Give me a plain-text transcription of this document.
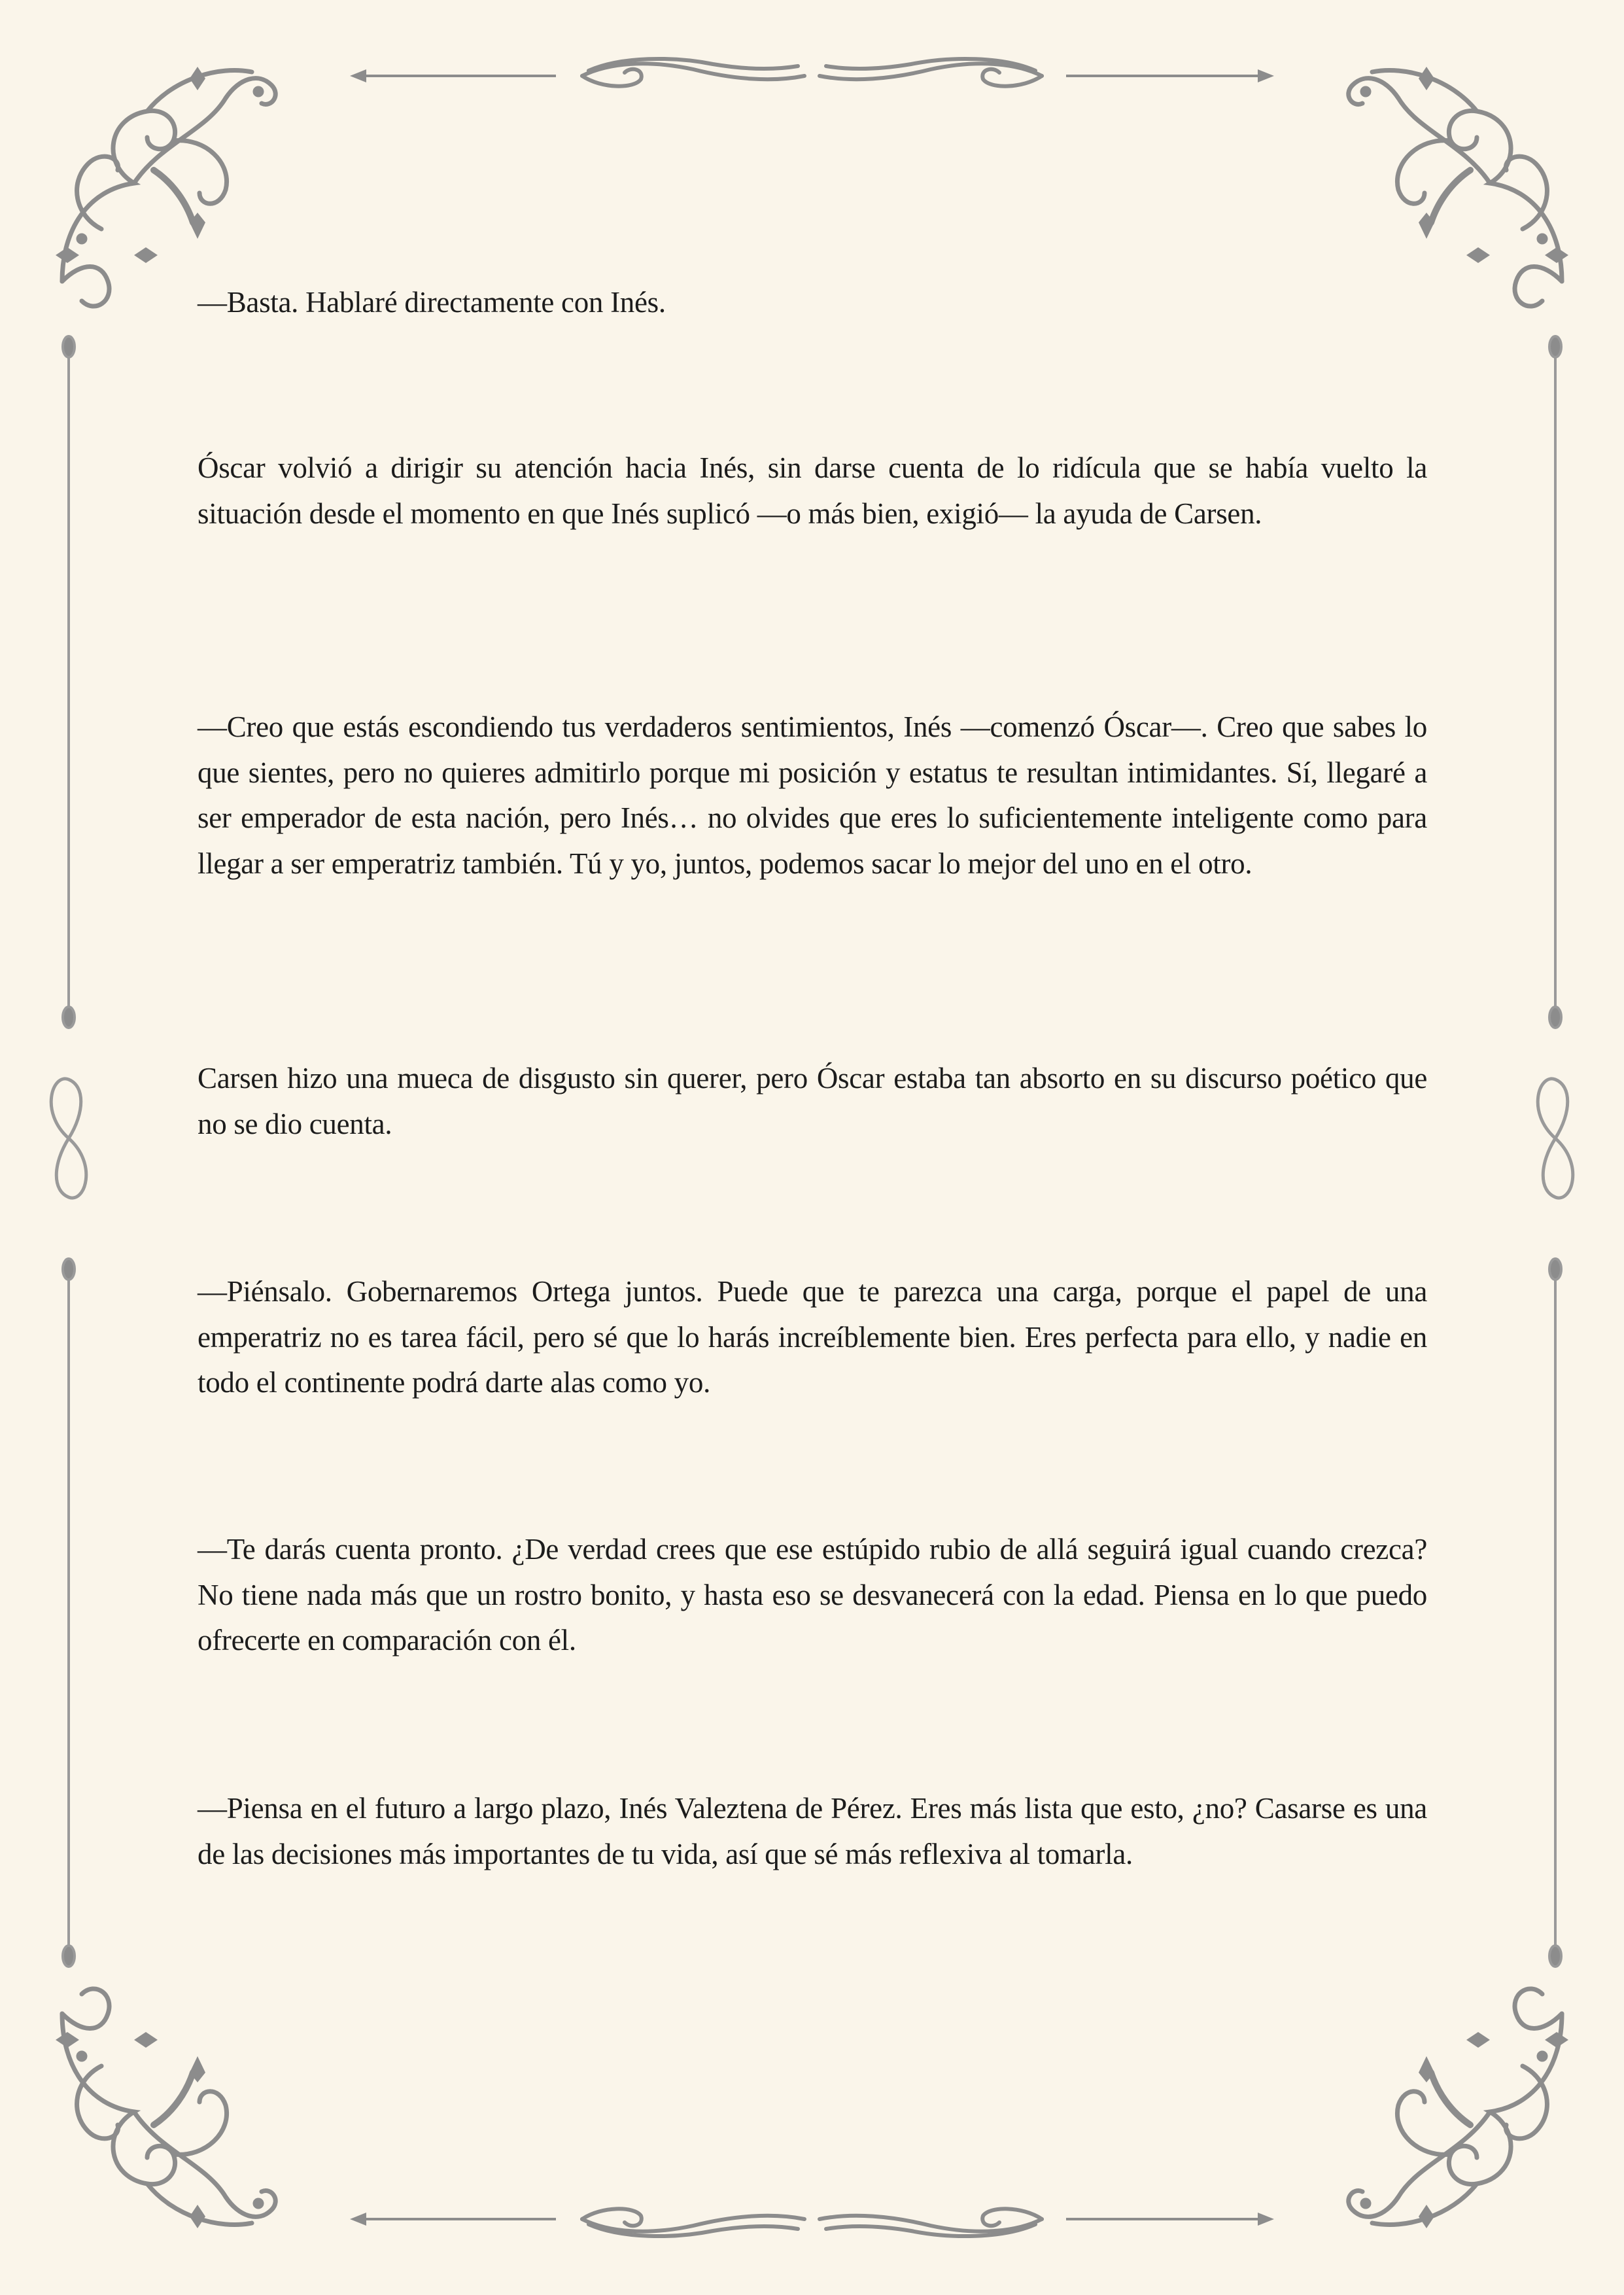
—Basta. Hablaré directamente con Inés.

Óscar volvió a dirigir su atención hacia Inés, sin darse cuenta de lo ridícula que se había vuelto la situación desde el momento en que Inés suplicó —o más bien, exigió— la ayuda de Carsen.

—Creo que estás escondiendo tus verdaderos sentimientos, Inés —comenzó Óscar—. Creo que sabes lo que sientes, pero no quieres admitirlo porque mi posición y estatus te resultan intimidantes. Sí, llegaré a ser emperador de esta nación, pero Inés… no olvides que eres lo suficientemente inteligente como para llegar a ser emperatriz también. Tú y yo, juntos, podemos sacar lo mejor del uno en el otro.

Carsen hizo una mueca de disgusto sin querer, pero Óscar estaba tan absorto en su discurso poético que no se dio cuenta.

—Piénsalo. Gobernaremos Ortega juntos. Puede que te parezca una carga, porque el papel de una emperatriz no es tarea fácil, pero sé que lo harás increíblemente bien. Eres perfecta para ello, y nadie en todo el continente podrá darte alas como yo.

—Te darás cuenta pronto. ¿De verdad crees que ese estúpido rubio de allá seguirá igual cuando crezca? No tiene nada más que un rostro bonito, y hasta eso se desvanecerá con la edad. Piensa en lo que puedo ofrecerte en comparación con él.

—Piensa en el futuro a largo plazo, Inés Valeztena de Pérez. Eres más lista que esto, ¿no? Casarse es una de las decisiones más importantes de tu vida, así que sé más reflexiva al tomarla.
